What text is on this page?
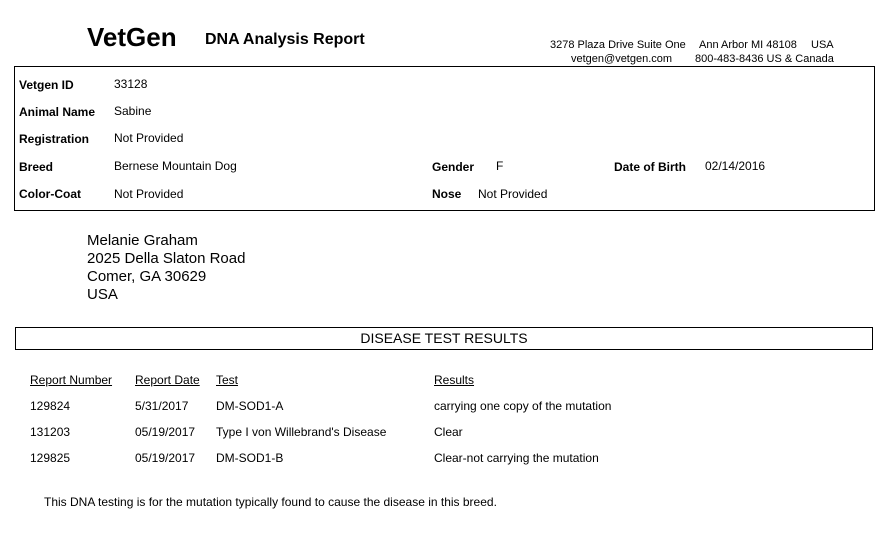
VetGen DNA Analysis Report	3278 Plaza Drive Suite One Ann Arbor MI 48108 USA
vetgen@vetgen.com 800-483-8436 US & Canada
Vetgen ID	33128
Animal Name Sabine
Registration Not Provided
Breed	Bernese Mountain Dog	Gender F	Date of Birth 02/14/2016
Color-Coat	Not Provided	Nose Not Provided
Melanie Graham
2025 Della Slaton Road
Comer, GA 30629
USA
DISEASE TEST RESULTS
Report Number Report Date Test	Results
129824	5/31/2017 DM-SOD1-A	carrying one copy of the mutation
131203	05/19/2017 Type I von Willebrand's Disease	Clear
129825	05/19/2017 DM-SOD1-B	Clear-not carrying the mutation
This DNA testing is for the mutation typically found to cause the disease in this breed.
